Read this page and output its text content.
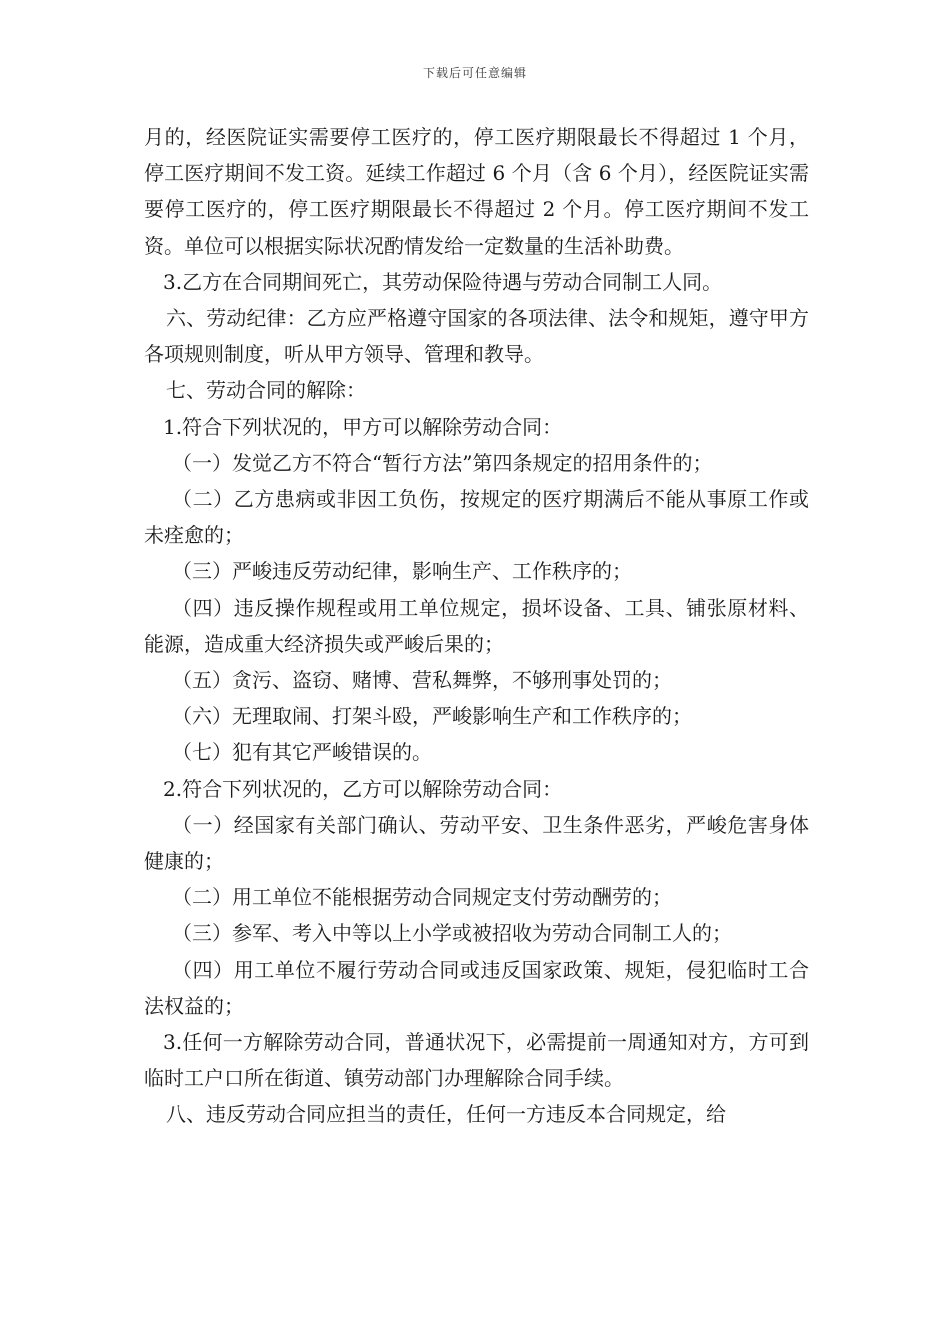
下载后可任意编辑

月的，经医院证实需要停工医疗的，停工医疗期限最长不得超过 1 个月，停工医疗期间不发工资。延续工作超过 6 个月（含 6 个月），经医院证实需要停工医疗的，停工医疗期限最长不得超过 2 个月。停工医疗期间不发工资。单位可以根据实际状况酌情发给一定数量的生活补助费。

3.乙方在合同期间死亡，其劳动保险待遇与劳动合同制工人同。

六、劳动纪律：乙方应严格遵守国家的各项法律、法令和规矩，遵守甲方各项规则制度，听从甲方领导、管理和教导。

七、劳动合同的解除：

1.符合下列状况的，甲方可以解除劳动合同：

（一）发觉乙方不符合“暂行方法”第四条规定的招用条件的；

（二）乙方患病或非因工负伤，按规定的医疗期满后不能从事原工作或未痊愈的；

（三）严峻违反劳动纪律，影响生产、工作秩序的；

（四）违反操作规程或用工单位规定，损坏设备、工具、铺张原材料、能源，造成重大经济损失或严峻后果的；

（五）贪污、盗窃、赌博、营私舞弊，不够刑事处罚的；

（六）无理取闹、打架斗殴，严峻影响生产和工作秩序的；

（七）犯有其它严峻错误的。

2.符合下列状况的，乙方可以解除劳动合同：

（一）经国家有关部门确认、劳动平安、卫生条件恶劣，严峻危害身体健康的；

（二）用工单位不能根据劳动合同规定支付劳动酬劳的；

（三）参军、考入中等以上小学或被招收为劳动合同制工人的；

（四）用工单位不履行劳动合同或违反国家政策、规矩，侵犯临时工合法权益的；

3.任何一方解除劳动合同，普通状况下，必需提前一周通知对方，方可到临时工户口所在街道、镇劳动部门办理解除合同手续。

八、违反劳动合同应担当的责任，任何一方违反本合同规定，给
